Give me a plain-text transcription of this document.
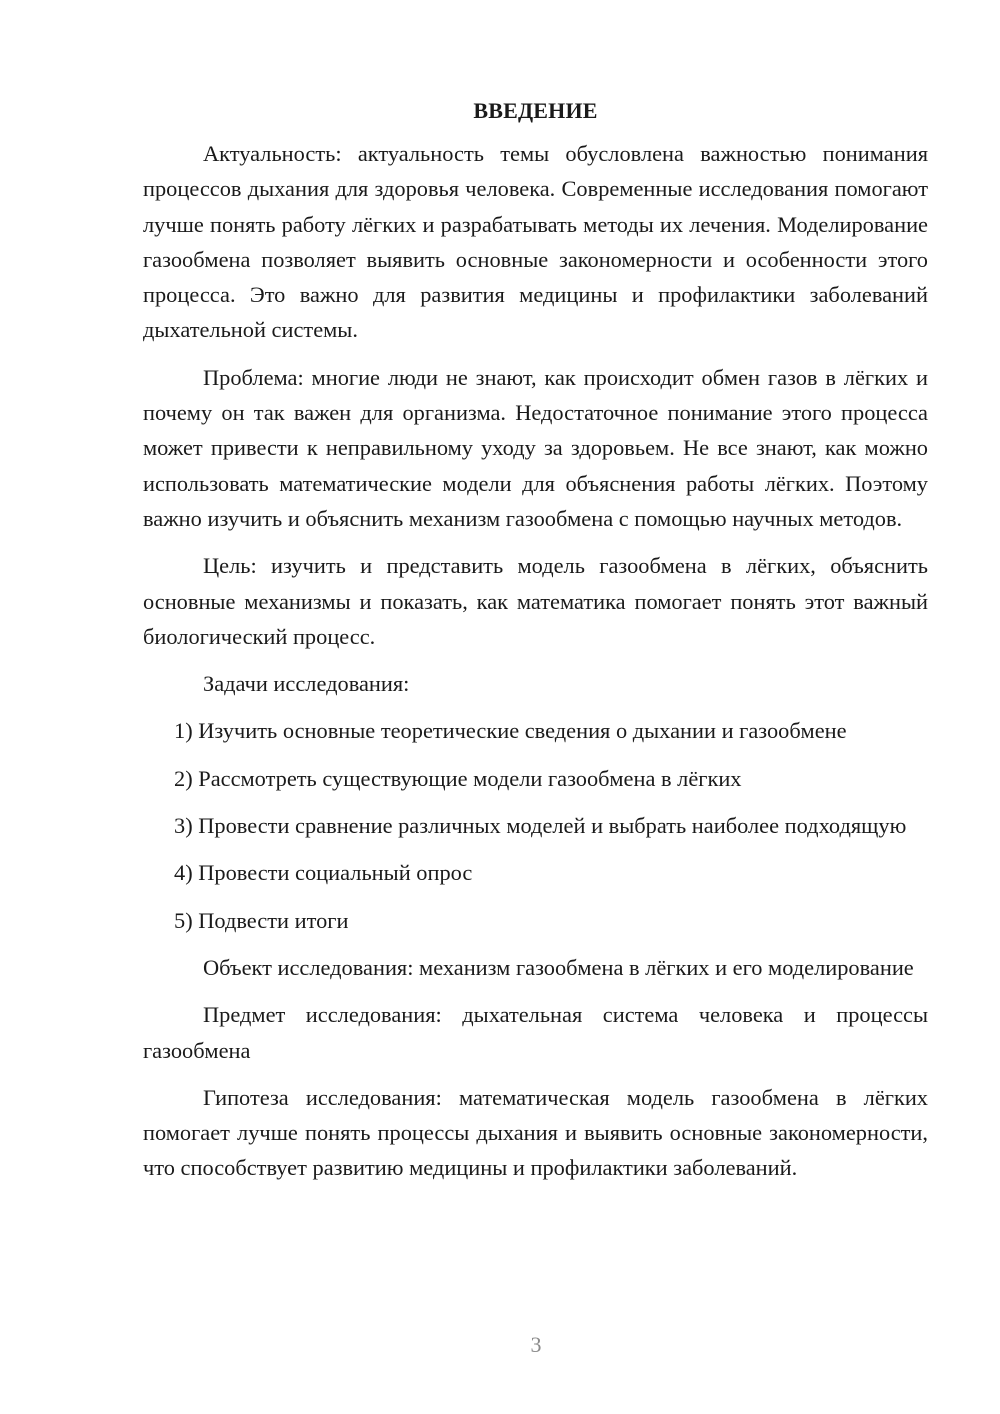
ВВЕДЕНИЕ

Актуальность: актуальность темы обусловлена важностью понимания процессов дыхания для здоровья человека. Современные исследования помогают лучше понять работу лёгких и разрабатывать методы их лечения. Моделирование газообмена позволяет выявить основные закономерности и особенности этого процесса. Это важно для развития медицины и профилактики заболеваний дыхательной системы.

Проблема: многие люди не знают, как происходит обмен газов в лёгких и почему он так важен для организма. Недостаточное понимание этого процесса может привести к неправильному уходу за здоровьем. Не все знают, как можно использовать математические модели для объяснения работы лёгких. Поэтому важно изучить и объяснить механизм газообмена с помощью научных методов.

Цель: изучить и представить модель газообмена в лёгких, объяснить основные механизмы и показать, как математика помогает понять этот важный биологический процесс.

Задачи исследования:

1) Изучить основные теоретические сведения о дыхании и газообмене

2) Рассмотреть существующие модели газообмена в лёгких

3) Провести сравнение различных моделей и выбрать наиболее подходящую

4) Провести социальный опрос

5) Подвести итоги

Объект исследования: механизм газообмена в лёгких и его моделирование

Предмет исследования: дыхательная система человека и процессы газообмена

Гипотеза исследования: математическая модель газообмена в лёгких помогает лучше понять процессы дыхания и выявить основные закономерности, что способствует развитию медицины и профилактики заболеваний.

3
